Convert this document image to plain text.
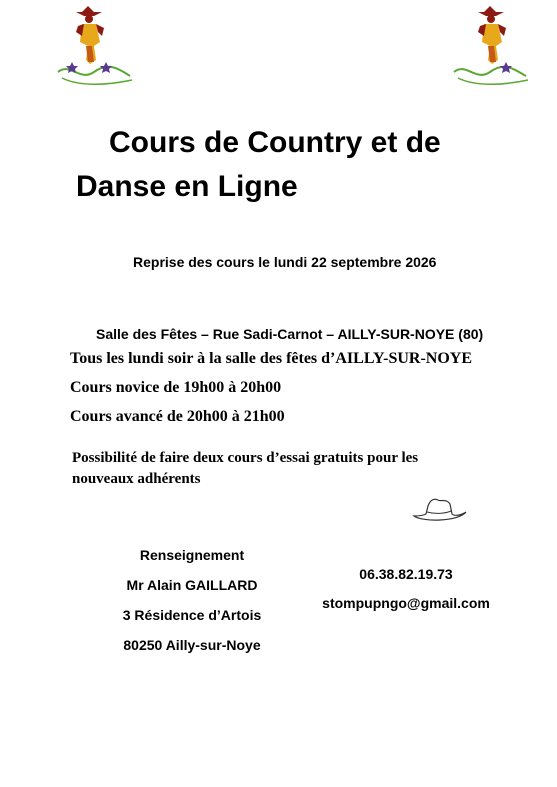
Cours de Country et de
Danse en Ligne
Reprise des cours le lundi 22 septembre 2026
Salle des Fêtes – Rue Sadi-Carnot – AILLY-SUR-NOYE (80)
Tous les lundi soir à la salle des fêtes d’AILLY-SUR-NOYE
Cours novice de 19h00 à 20h00
Cours avancé de 20h00 à 21h00
Possibilité de faire deux cours d’essai gratuits pour les
nouveaux adhérents
Renseignement
Mr Alain GAILLARD
3 Résidence d’Artois
80250 Ailly-sur-Noye
06.38.82.19.73
stompupngo@gmail.com
